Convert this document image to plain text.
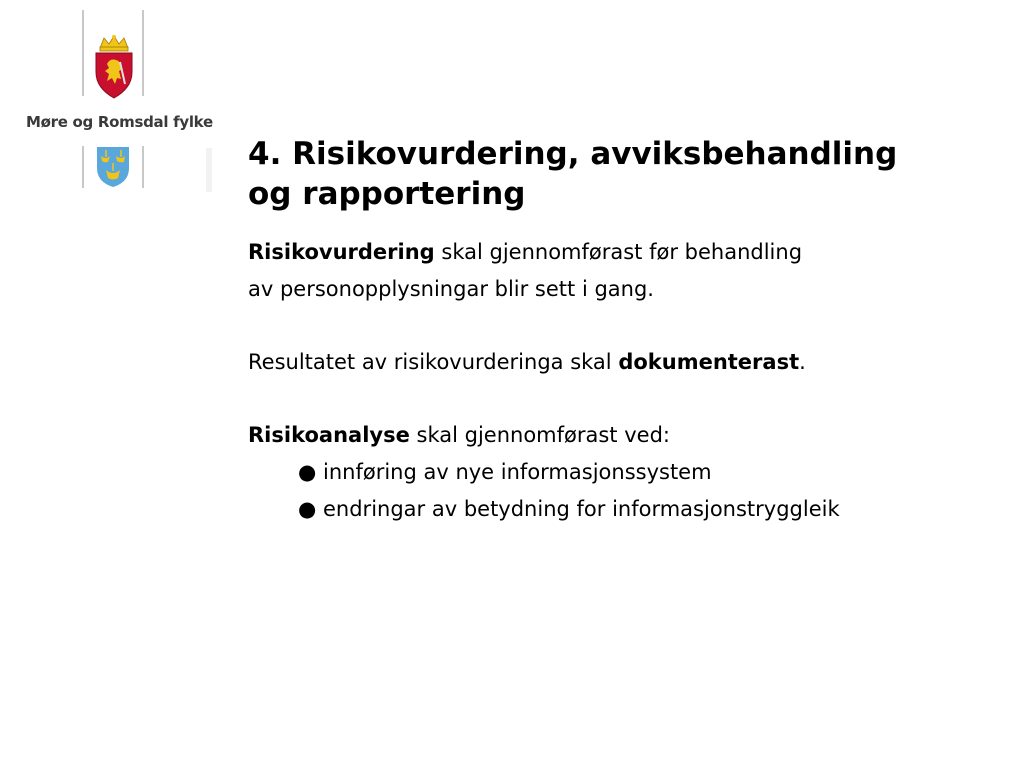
Møre og Romsdal fylke
4. Risikovurdering, avviksbehandling
og rapportering

Risikovurdering skal gjennomførast før behandling

av personopplysningar blir sett i gang.

Resultatet av risikovurderinga skal dokumenterast.

Risikoanalyse skal gjennomførast ved:

● innføring av nye informasjonssystem

● endringar av betydning for informasjonstryggleik
